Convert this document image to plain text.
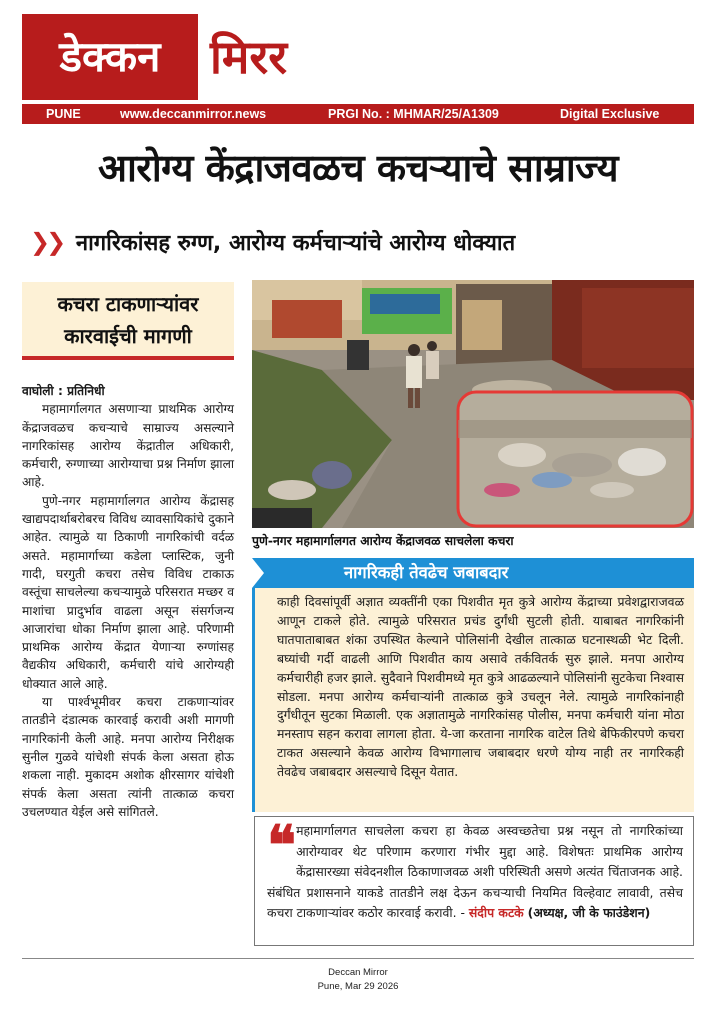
डेक्कन	मिरर
PUNE	www.deccanmirror.news	PRGI No. : MHMAR/25/A1309	Digital Exclusive
आरोग्य केंद्राजवळच कचऱ्याचे साम्राज्य
❯❯ नागरिकांसह रुग्ण, आरोग्य कर्मचाऱ्यांचे आरोग्य धोक्यात
कचरा टाकणाऱ्यांवर
कारवाईची मागणी
वाघोली : प्रतिनिधी

महामार्गालगत असणाऱ्या प्राथमिक आरोग्य केंद्राजवळच कचऱ्याचे साम्राज्य असल्याने नागरिकांसह आरोग्य केंद्रातील अधिकारी, कर्मचारी, रुग्णाच्या आरोग्याचा प्रश्न निर्माण झाला आहे.

पुणे-नगर महामार्गालगत आरोग्य केंद्रासह खाद्यपदार्थाबरोबरच विविध व्यावसायिकांचे दुकाने आहेत. त्यामुळे या ठिकाणी नागरिकांची वर्दळ असते. महामार्गाच्या कडेला प्लास्टिक, जुनी गादी, घरगुती कचरा तसेच विविध टाकाऊ वस्तूंचा साचलेल्या कचऱ्यामुळे परिसरात मच्छर व माशांचा प्रादुर्भाव वाढला असून संसर्गजन्य आजारांचा धोका निर्माण झाला आहे. परिणामी प्राथमिक आरोग्य केंद्रात येणाऱ्या रुग्णांसह वैद्यकीय अधिकारी, कर्मचारी यांचे आरोग्यही धोक्यात आले आहे.

या पार्श्वभूमीवर कचरा टाकणाऱ्यांवर तातडीने दंडात्मक कारवाई करावी अशी मागणी नागरिकांनी केली आहे. मनपा आरोग्य निरीक्षक सुनील गुळवे यांचेशी संपर्क केला असता होऊ शकला नाही. मुकादम अशोक क्षीरसागर यांचेशी संपर्क केला असता त्यांनी तात्काळ कचरा उचलण्यात येईल असे सांगितले.

पुणे-नगर महामार्गालगत आरोग्य केंद्राजवळ साचलेला कचरा
नागरिकही तेवढेच जबाबदार
काही दिवसांपूर्वी अज्ञात व्यक्तींनी एका पिशवीत मृत कुत्रे आरोग्य केंद्राच्या प्रवेशद्वाराजवळ आणून टाकले होते. त्यामुळे परिसरात प्रचंड दुर्गंधी सुटली होती. याबाबत नागरिकांनी घातपाताबाबत शंका उपस्थित केल्याने पोलिसांनी देखील तात्काळ घटनास्थळी भेट दिली. बघ्यांची गर्दी वाढली आणि पिशवीत काय असावे तर्कवितर्क सुरु झाले. मनपा आरोग्य कर्मचारीही हजर झाले. सुदैवाने पिशवीमध्ये मृत कुत्रे आढळल्याने पोलिसांनी सुटकेचा निश्वास सोडला. मनपा आरोग्य कर्मचाऱ्यांनी तात्काळ कुत्रे उचलून नेले. त्यामुळे नागरिकांनाही दुर्गंधीतून सुटका मिळाली. एक अज्ञातामुळे नागरिकांसह पोलीस, मनपा कर्मचारी यांना मोठा मनस्ताप सहन करावा लागला होता. ये-जा करताना नागरिक वाटेल तिथे बेफिकीरपणे कचरा टाकत असल्याने केवळ आरोग्य विभागालाच जबाबदार धरणे योग्य नाही तर नागरिकही तेवढेच जबाबदार असल्याचे दिसून येतात.
❝ महामार्गालगत साचलेला कचरा हा केवळ अस्वच्छतेचा प्रश्न नसून तो नागरिकांच्या आरोग्यावर थेट परिणाम करणारा गंभीर मुद्दा आहे. विशेषतः प्राथमिक आरोग्य केंद्रासारख्या संवेदनशील ठिकाणाजवळ अशी परिस्थिती असणे अत्यंत चिंताजनक आहे. संबंधित प्रशासनाने याकडे तातडीने लक्ष देऊन कचऱ्याची नियमित विल्हेवाट लावावी, तसेच कचरा टाकणाऱ्यांवर कठोर कारवाई करावी. - संदीप कटके (अध्यक्ष, जी के फाउंडेशन)
Deccan Mirror
Pune, Mar 29 2026
